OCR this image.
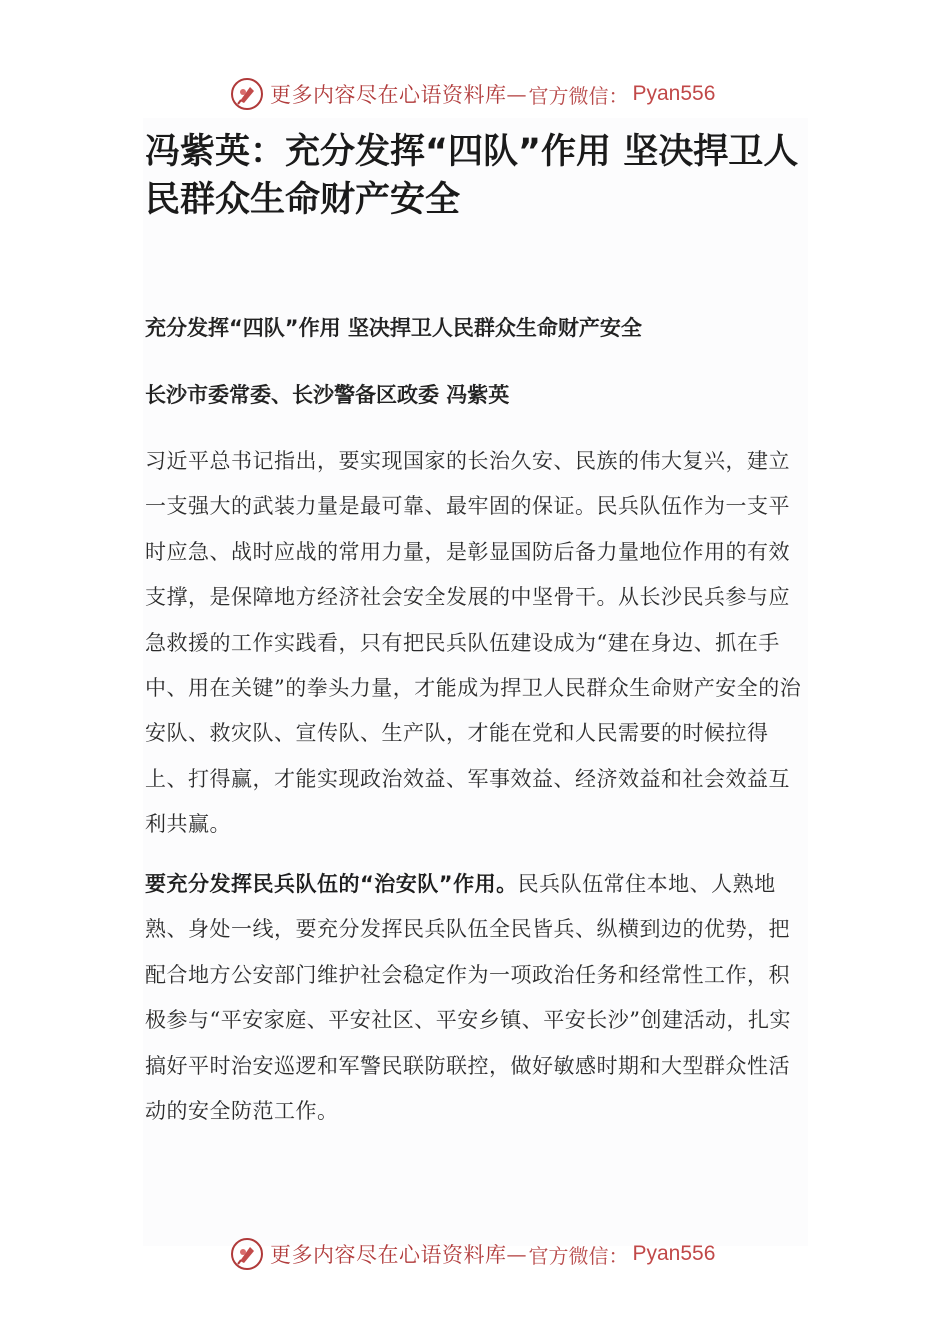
更多内容尽在心语资料库 — 官方微信： Pyan556
冯紫英：充分发挥“四队”作用 坚决捍卫人民群众生命财产安全

充分发挥“四队”作用 坚决捍卫人民群众生命财产安全

长沙市委常委、长沙警备区政委 冯紫英

习近平总书记指出，要实现国家的长治久安、民族的伟大复兴，建立一支强大的武装力量是最可靠、最牢固的保证。民兵队伍作为一支平时应急、战时应战的常用力量，是彰显国防后备力量地位作用的有效支撑，是保障地方经济社会安全发展的中坚骨干。从长沙民兵参与应急救援的工作实践看，只有把民兵队伍建设成为“建在身边、抓在手中、用在关键”的拳头力量，才能成为捍卫人民群众生命财产安全的治安队、救灾队、宣传队、生产队，才能在党和人民需要的时候拉得上、打得赢，才能实现政治效益、军事效益、经济效益和社会效益互利共赢。

要充分发挥民兵队伍的“治安队”作用。民兵队伍常住本地、人熟地熟、身处一线，要充分发挥民兵队伍全民皆兵、纵横到边的优势，把配合地方公安部门维护社会稳定作为一项政治任务和经常性工作，积极参与“平安家庭、平安社区、平安乡镇、平安长沙”创建活动，扎实搞好平时治安巡逻和军警民联防联控，做好敏感时期和大型群众性活动的安全防范工作。

更多内容尽在心语资料库 — 官方微信： Pyan556
